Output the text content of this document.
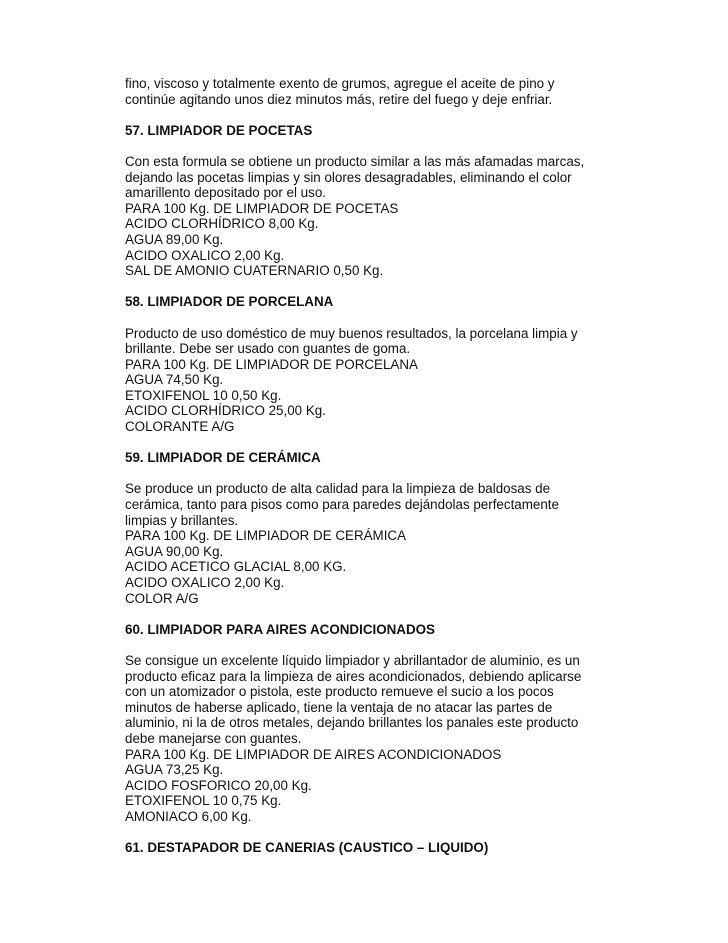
fino, viscoso y totalmente exento de grumos, agregue el aceite de pino y
continúe agitando unos diez minutos más, retire del fuego y deje enfriar.
57. LIMPIADOR DE POCETAS
Con esta formula se obtiene un producto similar a las más afamadas marcas,
dejando las pocetas limpias y sin olores desagradables, eliminando el color
amarillento depositado por el uso.
PARA 100 Kg. DE LIMPIADOR DE POCETAS
ACIDO CLORHÍDRICO 8,00 Kg.
AGUA 89,00 Kg.
ACIDO OXALICO 2,00 Kg.
SAL DE AMONIO CUATERNARIO 0,50 Kg.
58. LIMPIADOR DE PORCELANA
Producto de uso doméstico de muy buenos resultados, la porcelana limpia y
brillante. Debe ser usado con guantes de goma.
PARA 100 Kg. DE LIMPIADOR DE PORCELANA
AGUA 74,50 Kg.
ETOXIFENOL 10 0,50 Kg.
ACIDO CLORHÍDRICO 25,00 Kg.
COLORANTE A/G
59. LIMPIADOR DE CERÁMICA
Se produce un producto de alta calidad para la limpieza de baldosas de
cerámica, tanto para pisos como para paredes dejándolas perfectamente
limpias y brillantes.
PARA 100 Kg. DE LIMPIADOR DE CERÁMICA
AGUA 90,00 Kg.
ACIDO ACETICO GLACIAL 8,00 KG.
ACIDO OXALICO 2,00 Kg.
COLOR A/G
60. LIMPIADOR PARA AIRES ACONDICIONADOS
Se consigue un excelente líquido limpiador y abrillantador de aluminio, es un
producto eficaz para la limpieza de aires acondicionados, debiendo aplicarse
con un atomizador o pistola, este producto remueve el sucio a los pocos
minutos de haberse aplicado, tiene la ventaja de no atacar las partes de
aluminio, ni la de otros metales, dejando brillantes los panales este producto
debe manejarse con guantes.
PARA 100 Kg. DE LIMPIADOR DE AIRES ACONDICIONADOS
AGUA 73,25 Kg.
ACIDO FOSFORICO 20,00 Kg.
ETOXIFENOL 10 0,75 Kg.
AMONIACO 6,00 Kg.
61. DESTAPADOR DE CANERIAS (CAUSTICO – LIQUIDO)
